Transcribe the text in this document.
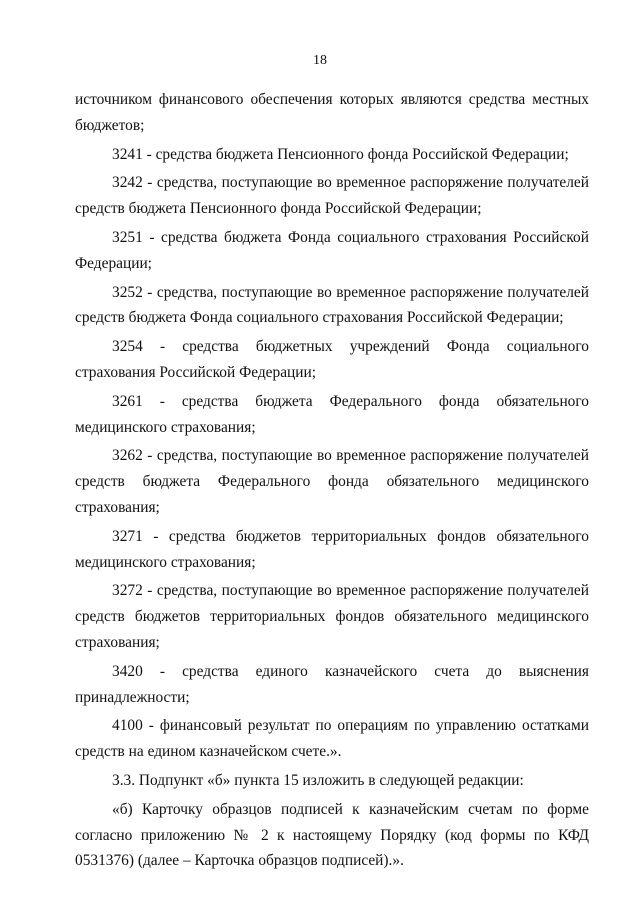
18

источником финансового обеспечения которых являются средства местных бюджетов;

3241 - средства бюджета Пенсионного фонда Российской Федерации;

3242 - средства, поступающие во временное распоряжение получателей средств бюджета Пенсионного фонда Российской Федерации;

3251 - средства бюджета Фонда социального страхования Российской Федерации;

3252 - средства, поступающие во временное распоряжение получателей средств бюджета Фонда социального страхования Российской Федерации;

3254 - средства бюджетных учреждений Фонда социального страхования Российской Федерации;

3261 - средства бюджета Федерального фонда обязательного медицинского страхования;

3262 - средства, поступающие во временное распоряжение получателей средств бюджета Федерального фонда обязательного медицинского страхования;

3271 - средства бюджетов территориальных фондов обязательного медицинского страхования;

3272 - средства, поступающие во временное распоряжение получателей средств бюджетов территориальных фондов обязательного медицинского страхования;

3420 - средства единого казначейского счета до выяснения принадлежности;

4100 - финансовый результат по операциям по управлению остатками средств на едином казначейском счете.».

3.3. Подпункт «б» пункта 15 изложить в следующей редакции:

«б) Карточку образцов подписей к казначейским счетам по форме согласно приложению № 2 к настоящему Порядку (код формы по КФД 0531376) (далее – Карточка образцов подписей).».
